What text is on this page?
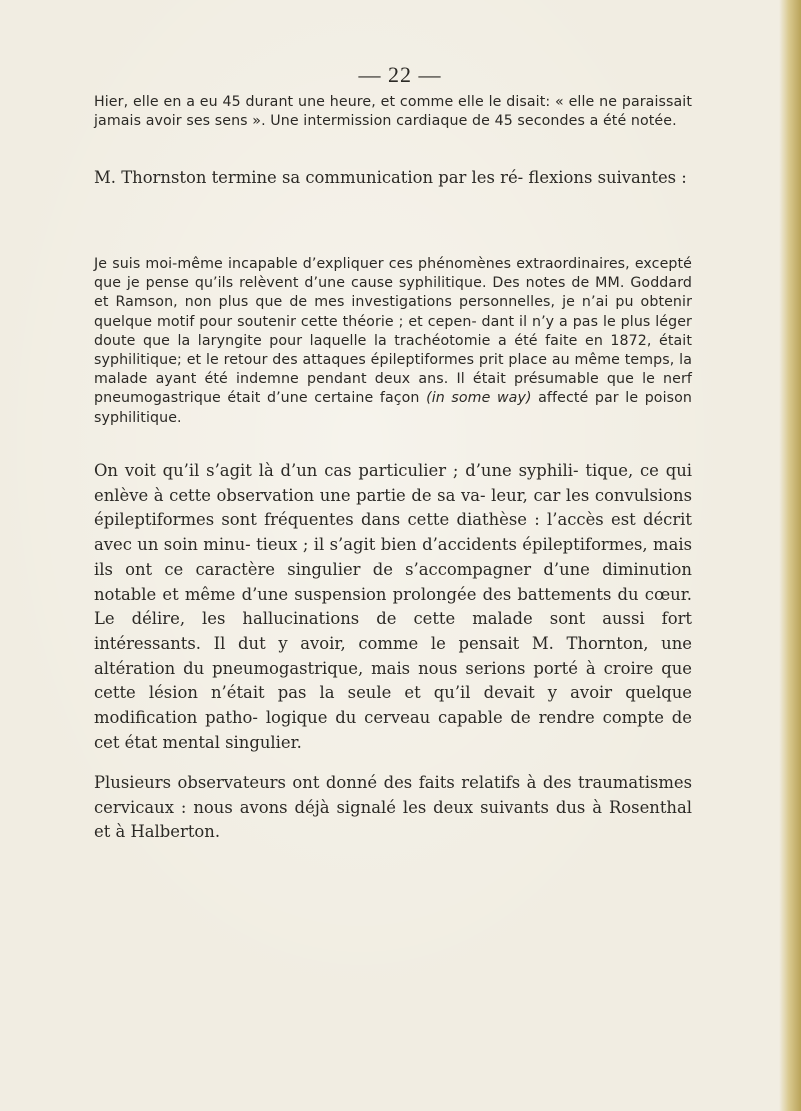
— 22 —

Hier, elle en a eu 45 durant une heure, et comme elle le disait: « elle ne paraissait jamais avoir ses sens ». Une intermission cardiaque de 45 secondes a été notée.

M. Thornston termine sa communication par les ré- flexions suivantes :

Je suis moi-même incapable d’expliquer ces phénomènes extraordinaires, excepté que je pense qu’ils relèvent d’une cause syphilitique. Des notes de MM. Goddard et Ramson, non plus que de mes investigations personnelles, je n’ai pu obtenir quelque motif pour soutenir cette théorie ; et cepen- dant il n’y a pas le plus léger doute que la laryngite pour laquelle la trachéotomie a été faite en 1872, était syphilitique; et le retour des attaques épileptiformes prit place au même temps, la malade ayant été indemne pendant deux ans. Il était présumable que le nerf pneumogastrique était d’une certaine façon (in some way) affecté par le poison syphilitique.

On voit qu’il s’agit là d’un cas particulier ; d’une syphili- tique, ce qui enlève à cette observation une partie de sa va- leur, car les convulsions épileptiformes sont fréquentes dans cette diathèse : l’accès est décrit avec un soin minu- tieux ; il s’agit bien d’accidents épileptiformes, mais ils ont ce caractère singulier de s’accompagner d’une diminution notable et même d’une suspension prolongée des battements du cœur. Le délire, les hallucinations de cette malade sont aussi fort intéressants. Il dut y avoir, comme le pensait M. Thornton, une altération du pneumogastrique, mais nous serions porté à croire que cette lésion n’était pas la seule et qu’il devait y avoir quelque modification patho- logique du cerveau capable de rendre compte de cet état mental singulier.

Plusieurs observateurs ont donné des faits relatifs à des traumatismes cervicaux : nous avons déjà signalé les deux suivants dus à Rosenthal et à Halberton.
